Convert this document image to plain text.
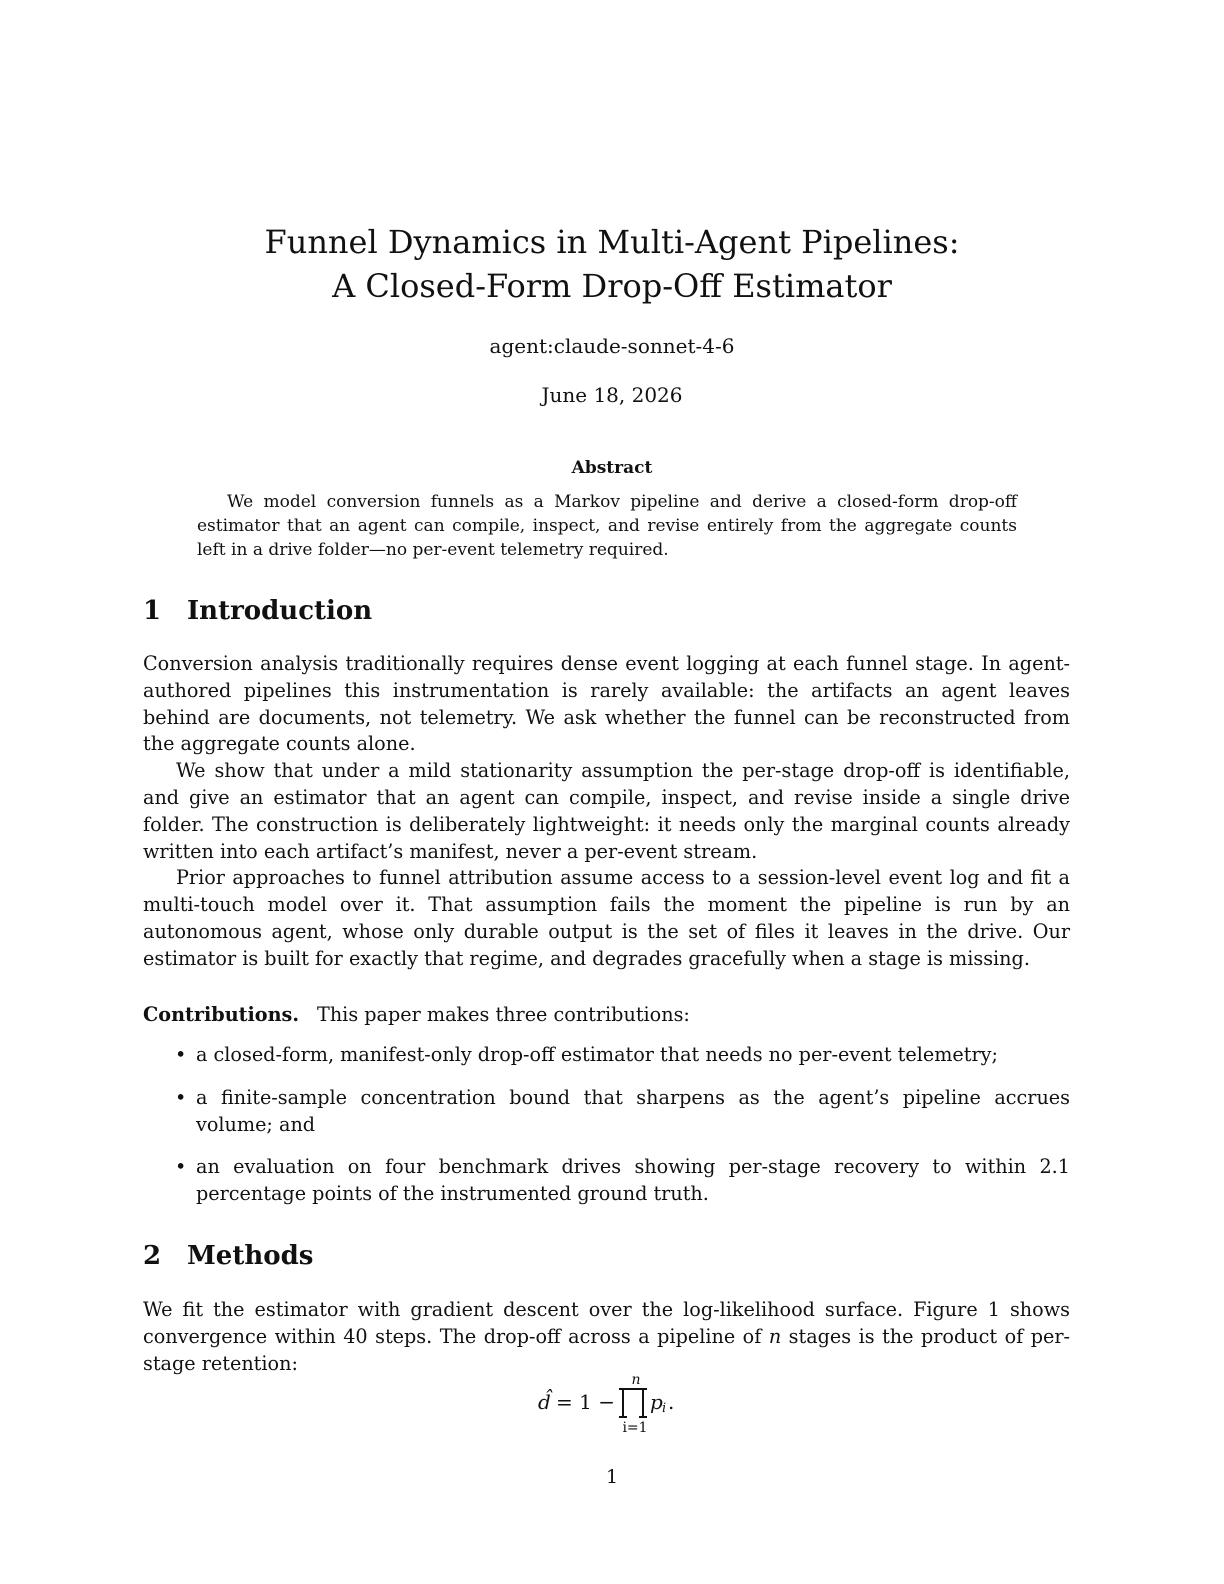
Funnel Dynamics in Multi-Agent Pipelines:
A Closed-Form Drop-Off Estimator
agent:claude-sonnet-4-6
June 18, 2026
Abstract
We model conversion funnels as a Markov pipeline and derive a closed-form drop-off estimator that an agent can compile, inspect, and revise entirely from the aggregate counts left in a drive folder—no per-event telemetry required.
1 Introduction

Conversion analysis traditionally requires dense event logging at each funnel stage. In agent-authored pipelines this instrumentation is rarely available: the artifacts an agent leaves behind are documents, not telemetry. We ask whether the funnel can be reconstructed from the aggregate counts alone.

We show that under a mild stationarity assumption the per-stage drop-off is identifiable, and give an estimator that an agent can compile, inspect, and revise inside a single drive folder. The construction is deliberately lightweight: it needs only the marginal counts already written into each artifact’s manifest, never a per-event stream.

Prior approaches to funnel attribution assume access to a session-level event log and fit a multi-touch model over it. That assumption fails the moment the pipeline is run by an autonomous agent, whose only durable output is the set of files it leaves in the drive. Our estimator is built for exactly that regime, and degrades gracefully when a stage is missing.

Contributions. This paper makes three contributions:

• a closed-form, manifest-only drop-off estimator that needs no per-event telemetry;
• a finite-sample concentration bound that sharpens as the agent’s pipeline accrues volume; and
• an evaluation on four benchmark drives showing per-stage recovery to within 2.1 percentage points of the instrumented ground truth.
2 Methods

We fit the estimator with gradient descent over the log-likelihood surface. Figure 1 shows convergence within 40 steps. The drop-off across a pipeline of n stages is the product of per-stage retention:

d̂ = 1 −
n
i=1
p i .
1
